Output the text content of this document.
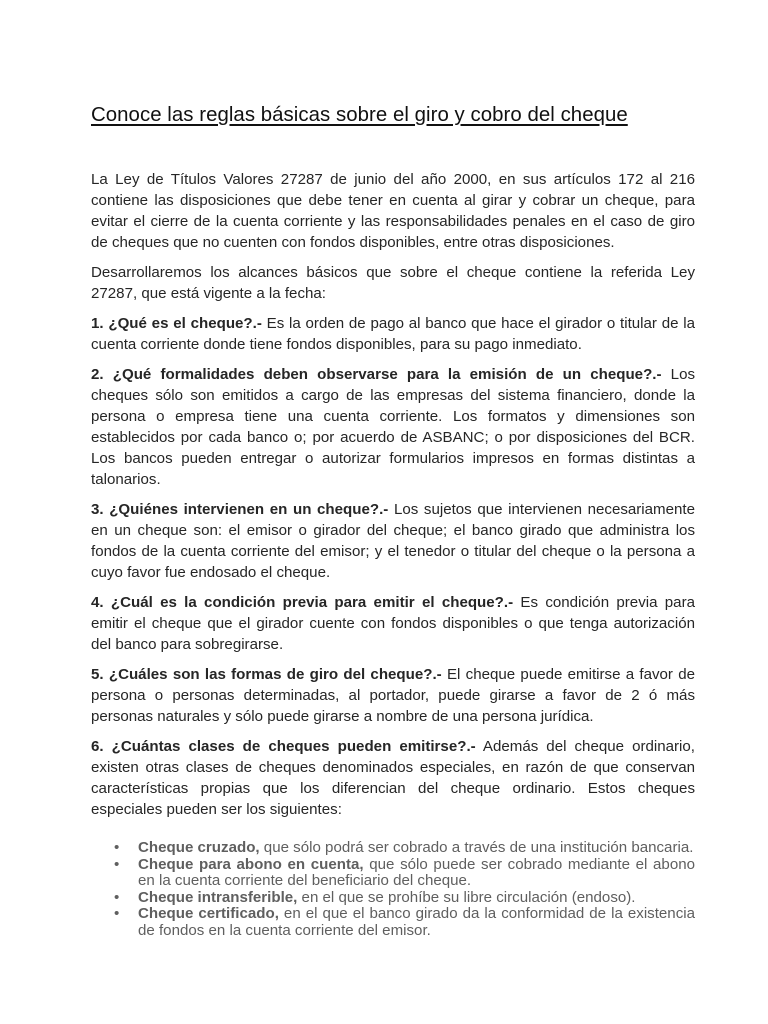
Conoce las reglas básicas sobre el giro y cobro del cheque

La Ley de Títulos Valores 27287 de junio del año 2000, en sus artículos 172 al 216 contiene las disposiciones que debe tener en cuenta al girar y cobrar un cheque, para evitar el cierre de la cuenta corriente y las responsabilidades penales en el caso de giro de cheques que no cuenten con fondos disponibles, entre otras disposiciones.

Desarrollaremos los alcances básicos que sobre el cheque contiene la referida Ley 27287, que está vigente a la fecha:

1. ¿Qué es el cheque?.- Es la orden de pago al banco que hace el girador o titular de la cuenta corriente donde tiene fondos disponibles, para su pago inmediato.

2. ¿Qué formalidades deben observarse para la emisión de un cheque?.- Los cheques sólo son emitidos a cargo de las empresas del sistema financiero, donde la persona o empresa tiene una cuenta corriente. Los formatos y dimensiones son establecidos por cada banco o; por acuerdo de ASBANC; o por disposiciones del BCR. Los bancos pueden entregar o autorizar formularios impresos en formas distintas a talonarios.

3. ¿Quiénes intervienen en un cheque?.- Los sujetos que intervienen necesariamente en un cheque son: el emisor o girador del cheque; el banco girado que administra los fondos de la cuenta corriente del emisor; y el tenedor o titular del cheque o la persona a cuyo favor fue endosado el cheque.

4. ¿Cuál es la condición previa para emitir el cheque?.- Es condición previa para emitir el cheque que el girador cuente con fondos disponibles o que tenga autorización del banco para sobregirarse.

5. ¿Cuáles son las formas de giro del cheque?.- El cheque puede emitirse a favor de persona o personas determinadas, al portador, puede girarse a favor de 2 ó más personas naturales y sólo puede girarse a nombre de una persona jurídica.

6. ¿Cuántas clases de cheques pueden emitirse?.- Además del cheque ordinario, existen otras clases de cheques denominados especiales, en razón de que conservan características propias que los diferencian del cheque ordinario. Estos cheques especiales pueden ser los siguientes:

• Cheque cruzado, que sólo podrá ser cobrado a través de una institución bancaria.
• Cheque para abono en cuenta, que sólo puede ser cobrado mediante el abono en la cuenta corriente del beneficiario del cheque.
• Cheque intransferible, en el que se prohíbe su libre circulación (endoso).
• Cheque certificado, en el que el banco girado da la conformidad de la existencia de fondos en la cuenta corriente del emisor.
